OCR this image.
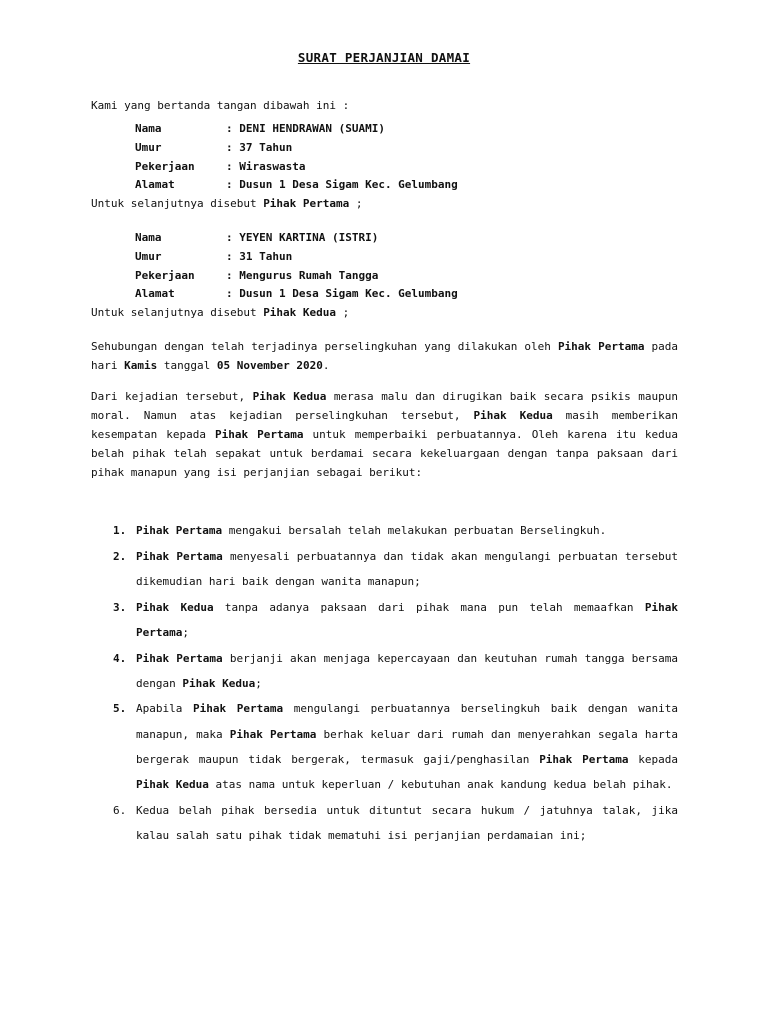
SURAT PERJANJIAN DAMAI
Kami yang bertanda tangan dibawah ini :
Nama	: DENI HENDRAWAN (SUAMI)
Umur	: 37 Tahun
Pekerjaan	: Wiraswasta
Alamat	: Dusun 1 Desa Sigam Kec. Gelumbang
Untuk selanjutnya disebut Pihak Pertama ;
Nama	: YEYEN KARTINA (ISTRI)
Umur	: 31 Tahun
Pekerjaan	: Mengurus Rumah Tangga
Alamat	: Dusun 1 Desa Sigam Kec. Gelumbang
Untuk selanjutnya disebut Pihak Kedua ;
Sehubungan dengan telah terjadinya perselingkuhan yang dilakukan oleh Pihak Pertama pada hari Kamis tanggal 05 November 2020.
Dari kejadian tersebut, Pihak Kedua merasa malu dan dirugikan baik secara psikis maupun moral. Namun atas kejadian perselingkuhan tersebut, Pihak Kedua masih memberikan kesempatan kepada Pihak Pertama untuk memperbaiki perbuatannya. Oleh karena itu kedua belah pihak telah sepakat untuk berdamai secara kekeluargaan dengan tanpa paksaan dari pihak manapun yang isi perjanjian sebagai berikut:
1. Pihak Pertama mengakui bersalah telah melakukan perbuatan Berselingkuh.
2. Pihak Pertama menyesali perbuatannya dan tidak akan mengulangi perbuatan tersebut dikemudian hari baik dengan wanita manapun;
3. Pihak Kedua tanpa adanya paksaan dari pihak mana pun telah memaafkan Pihak Pertama;
4. Pihak Pertama berjanji akan menjaga kepercayaan dan keutuhan rumah tangga bersama dengan Pihak Kedua;
5. Apabila Pihak Pertama mengulangi perbuatannya berselingkuh baik dengan wanita manapun, maka Pihak Pertama berhak keluar dari rumah dan menyerahkan segala harta bergerak maupun tidak bergerak, termasuk gaji/penghasilan Pihak Pertama kepada Pihak Kedua atas nama untuk keperluan / kebutuhan anak kandung kedua belah pihak.
6. Kedua belah pihak bersedia untuk dituntut secara hukum / jatuhnya talak, jika kalau salah satu pihak tidak mematuhi isi perjanjian perdamaian ini;
